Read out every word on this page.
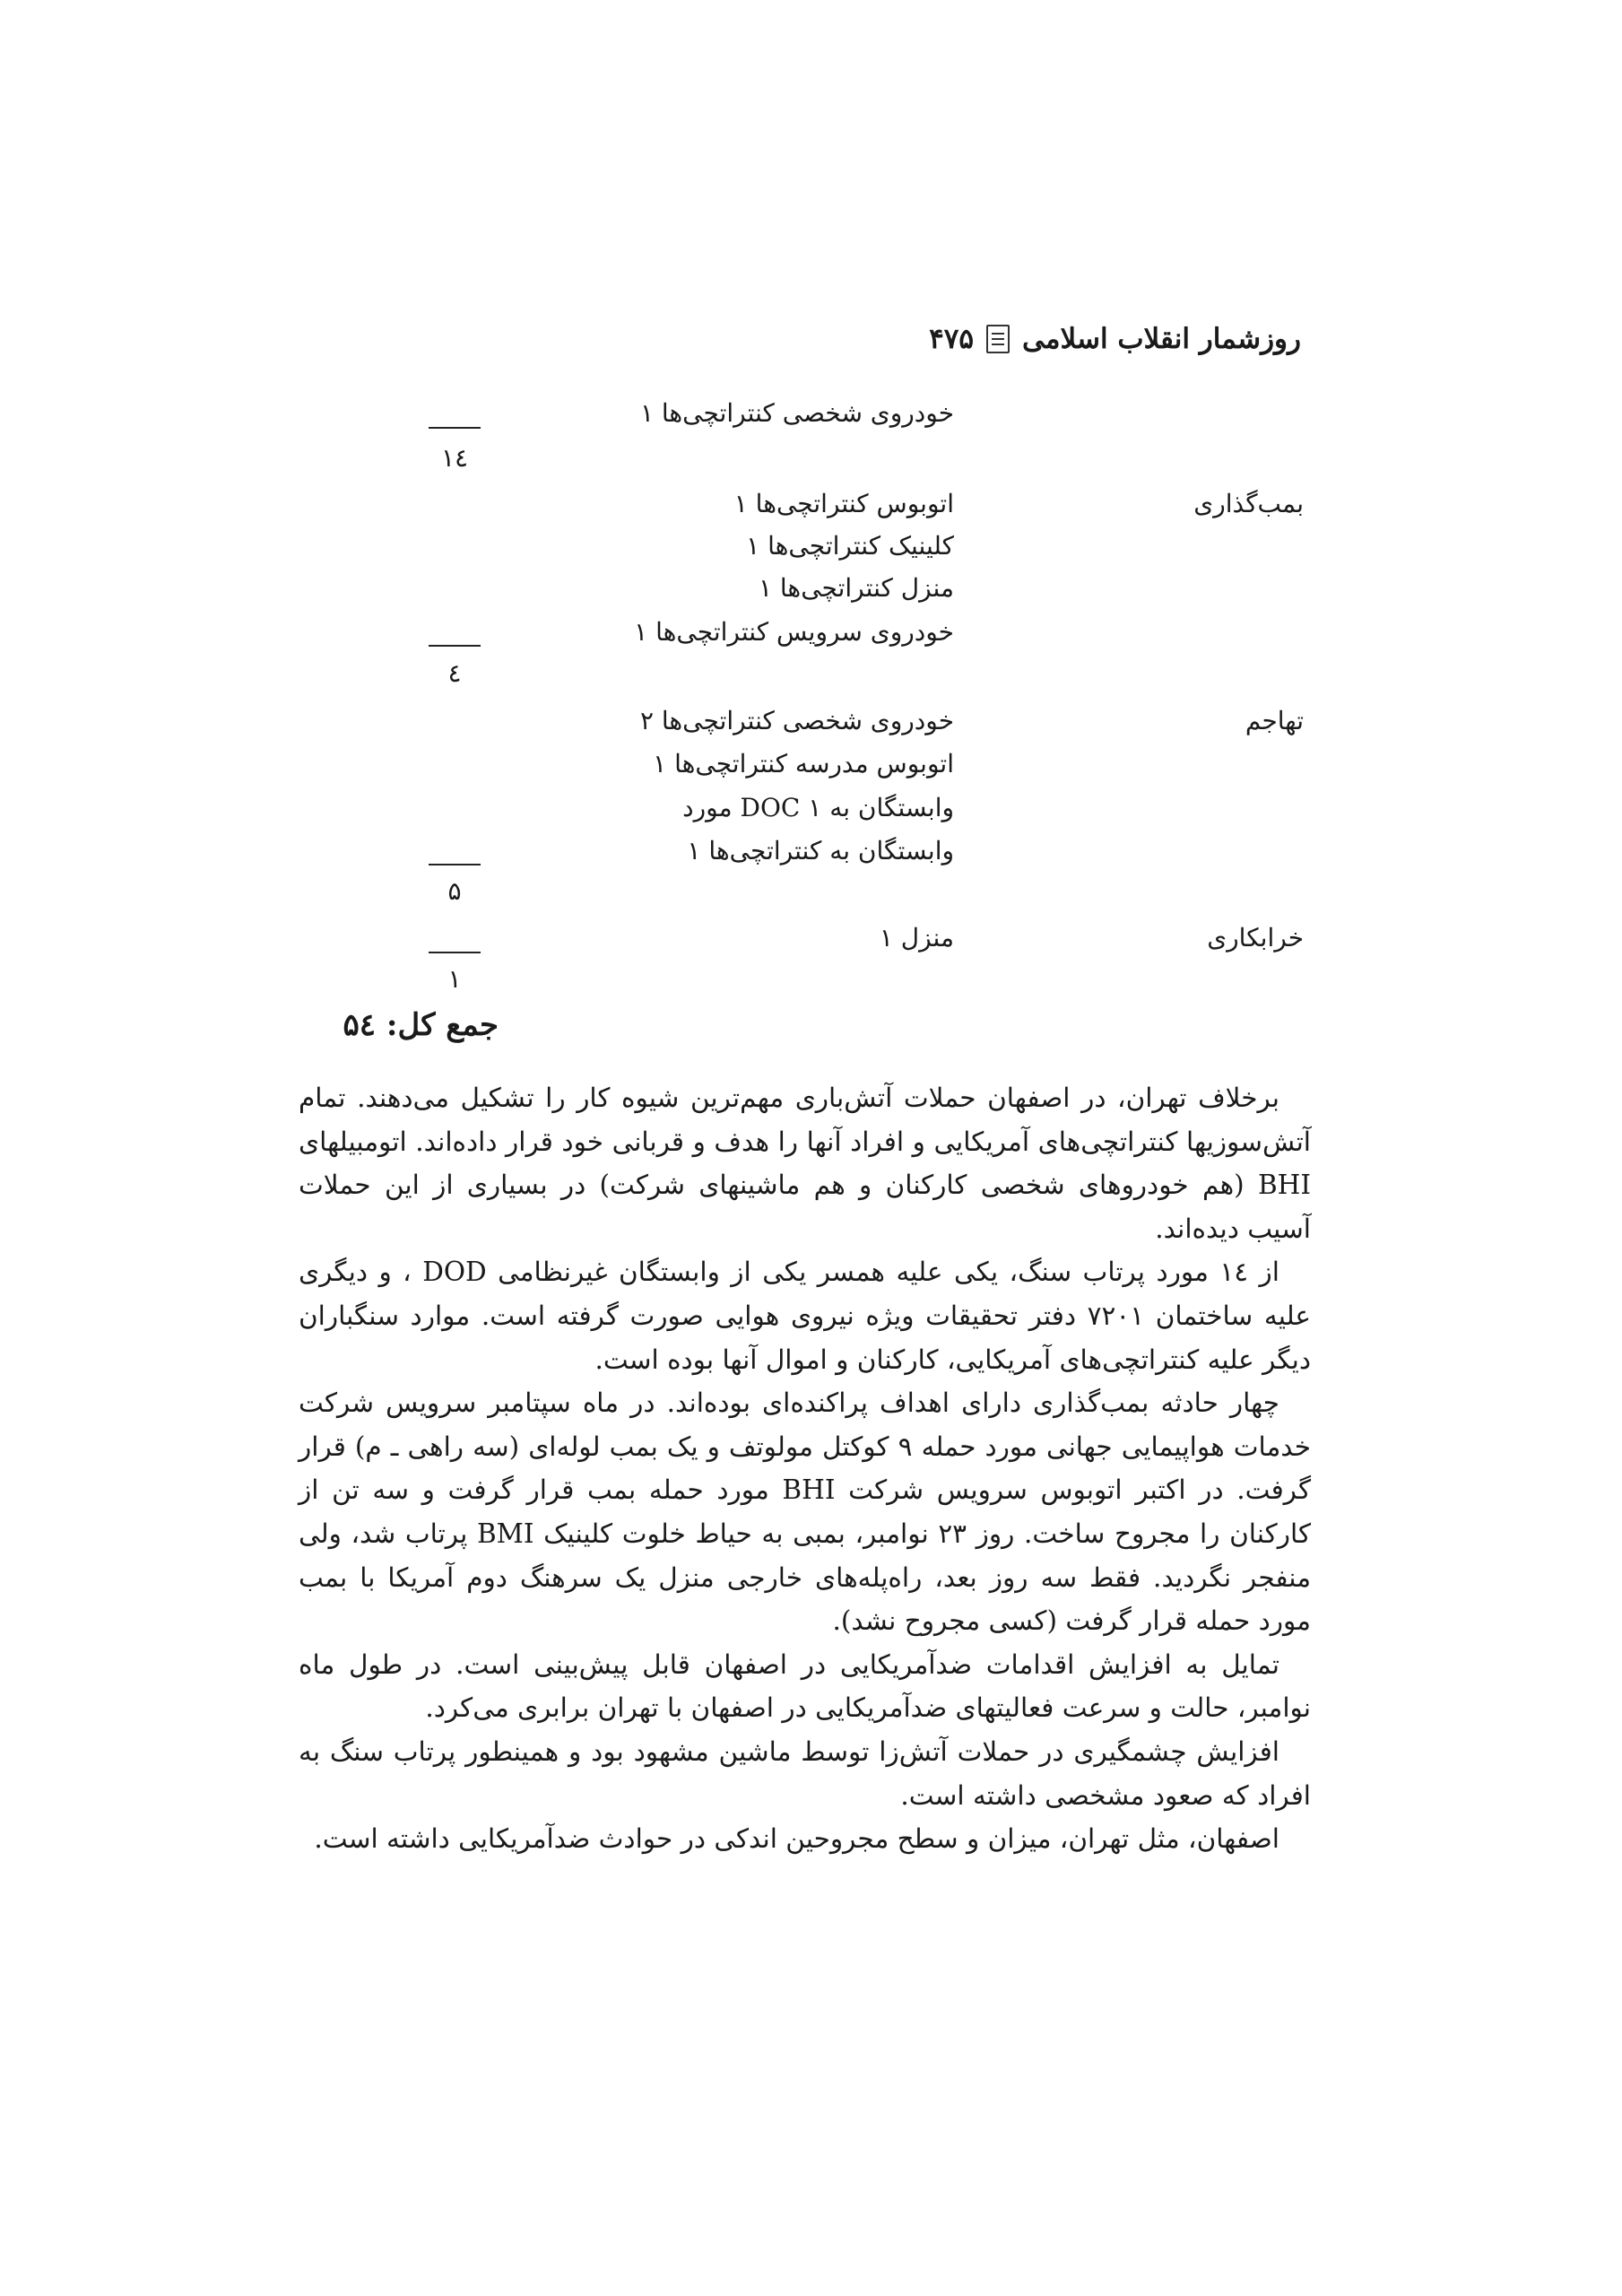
روزشمار انقلاب اسلامی
۴۷۵
خودروی شخصی کنتراتچی‌ها ۱
۱٤
بمب‌گذاری
اتوبوس کنتراتچی‌ها ۱
کلینیک کنتراتچی‌ها ۱
منزل کنتراتچی‌ها ۱
خودروی سرویس کنتراتچی‌ها ۱
٤
تهاجم
خودروی شخصی کنتراتچی‌ها ۲
اتوبوس مدرسه کنتراتچی‌ها ۱
وابستگان به DOC ۱ مورد
وابستگان به کنتراتچی‌ها ۱
۵
خرابکاری
منزل ۱
۱
جمع کل: ۵٤

برخلاف تهران، در اصفهان حملات آتش‌باری مهم‌ترین شیوه کار را تشکیل می‌دهند. تمام آتش‌سوزیها کنتراتچی‌های آمریکایی و افراد آنها را هدف و قربانی خود قرار داده‌اند. اتومبیلهای BHI (هم خودروهای شخصی کارکنان و هم ماشینهای شرکت) در بسیاری از این حملات آسیب دیده‌اند.

از ۱٤ مورد پرتاب سنگ، یکی علیه همسر یکی از وابستگان غیرنظامی DOD ، و دیگری علیه ساختمان ۷۲۰۱ دفتر تحقیقات ویژه نیروی هوایی صورت گرفته است. موارد سنگباران دیگر علیه کنتراتچی‌های آمریکایی، کارکنان و اموال آنها بوده است.

چهار حادثه بمب‌گذاری دارای اهداف پراکنده‌ای بوده‌اند. در ماه سپتامبر سرویس شرکت خدمات هواپیمایی جهانی مورد حمله ۹ کوکتل مولوتف و یک بمب لوله‌ای (سه راهی ـ م) قرار گرفت. در اکتبر اتوبوس سرویس شرکت BHI مورد حمله بمب قرار گرفت و سه تن از کارکنان را مجروح ساخت. روز ۲۳ نوامبر، بمبی به حیاط خلوت کلینیک BMI پرتاب شد، ولی منفجر نگردید. فقط سه روز بعد، راه‌پله‌های خارجی منزل یک سرهنگ دوم آمریکا با بمب مورد حمله قرار گرفت (کسی مجروح نشد).

تمایل به افزایش اقدامات ضدآمریکایی در اصفهان قابل پیش‌بینی است. در طول ماه نوامبر، حالت و سرعت فعالیتهای ضدآمریکایی در اصفهان با تهران برابری می‌کرد.

افزایش چشمگیری در حملات آتش‌زا توسط ماشین مشهود بود و همینطور پرتاب سنگ به افراد که صعود مشخصی داشته است.

اصفهان، مثل تهران، میزان و سطح مجروحین اندکی در حوادث ضدآمریکایی داشته است.
